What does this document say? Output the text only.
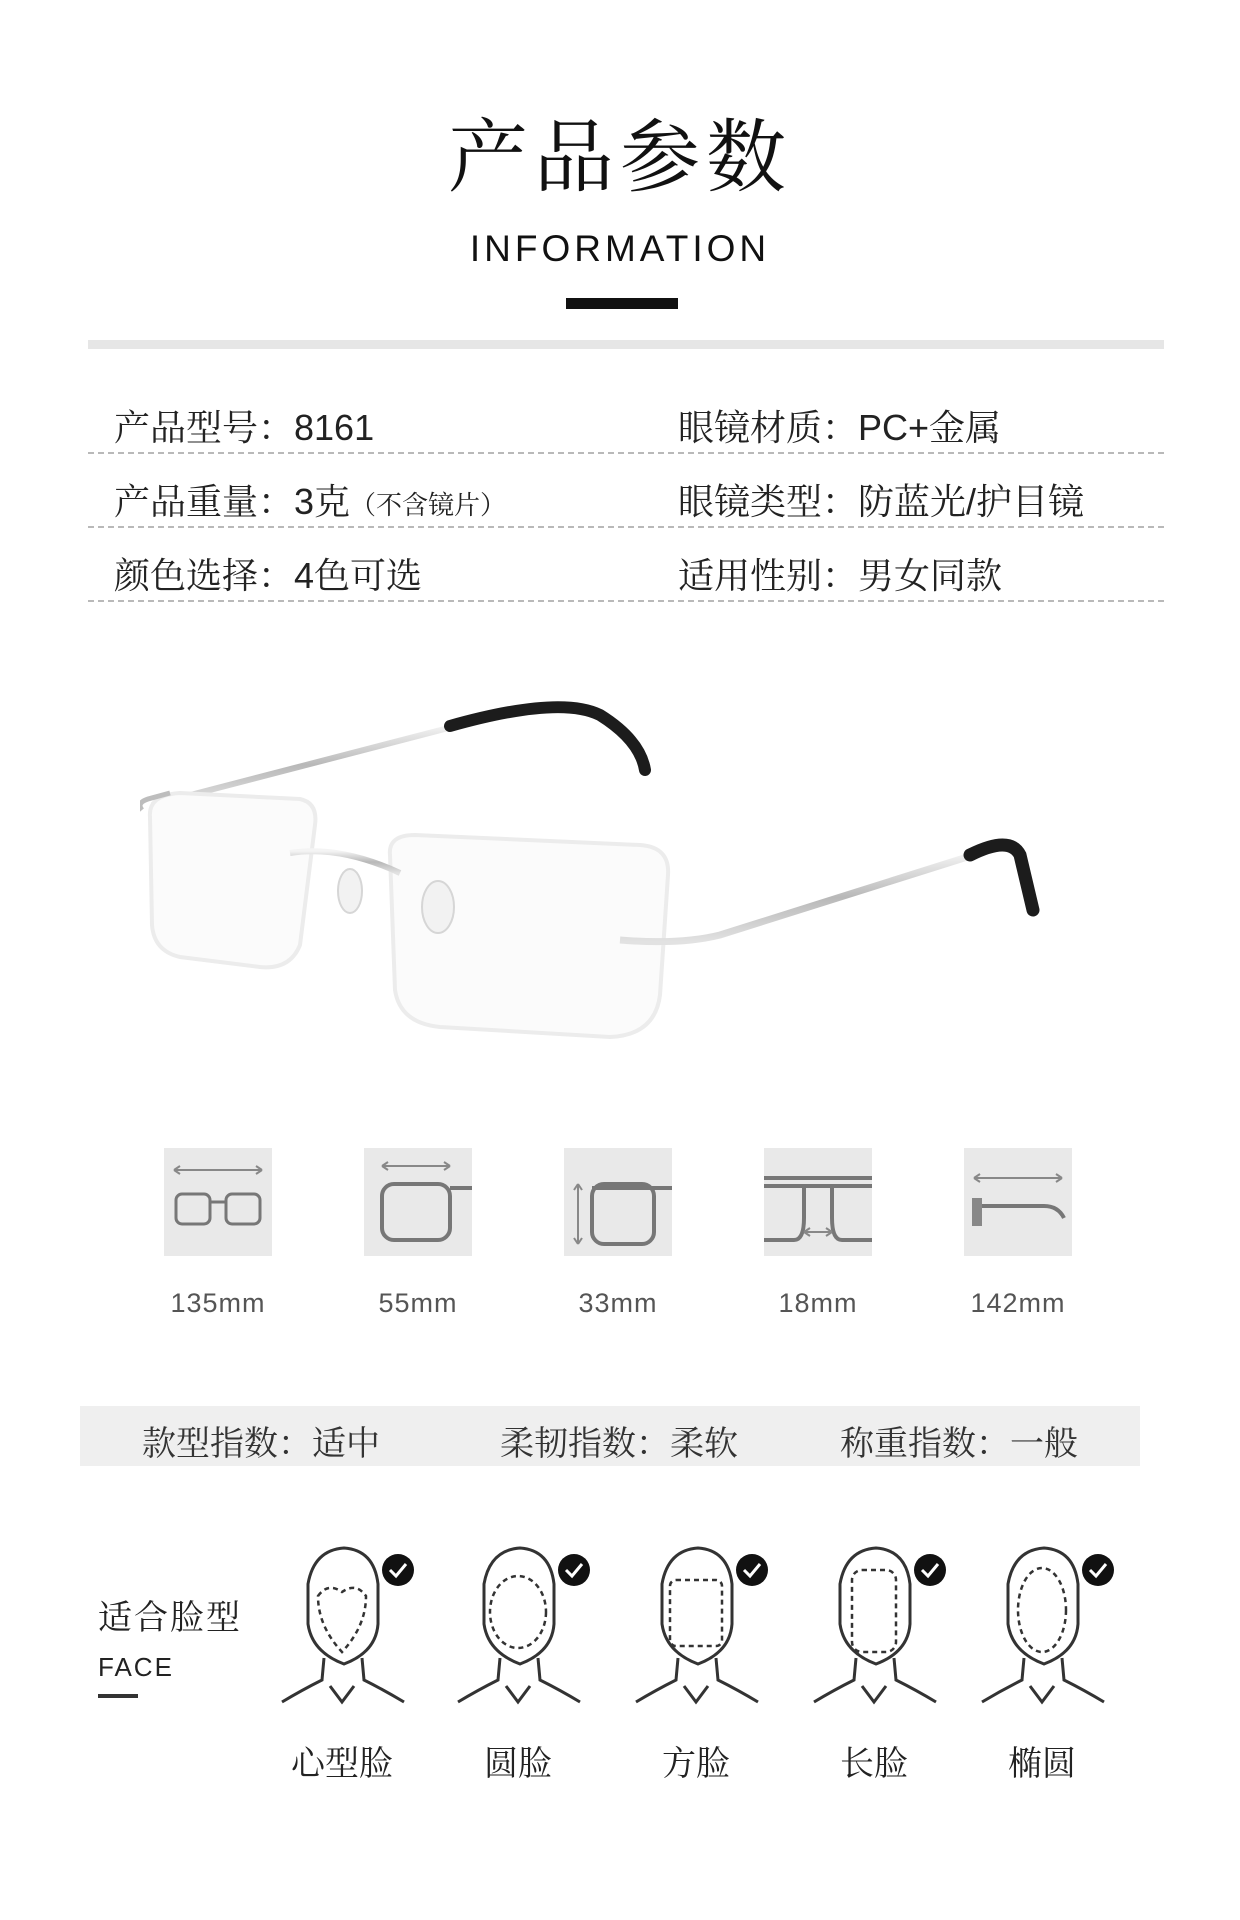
产品参数
INFORMATION
产品型号：8161	眼镜材质：PC+金属
产品重量：3克（不含镜片）	眼镜类型：防蓝光/护目镜
颜色选择：4色可选	适用性别：男女同款
135mm	55mm	33mm	18mm	142mm
款型指数：适中	柔韧指数：柔软	称重指数：一般
适合脸型
FACE
心型脸	圆脸	方脸	长脸	椭圆
